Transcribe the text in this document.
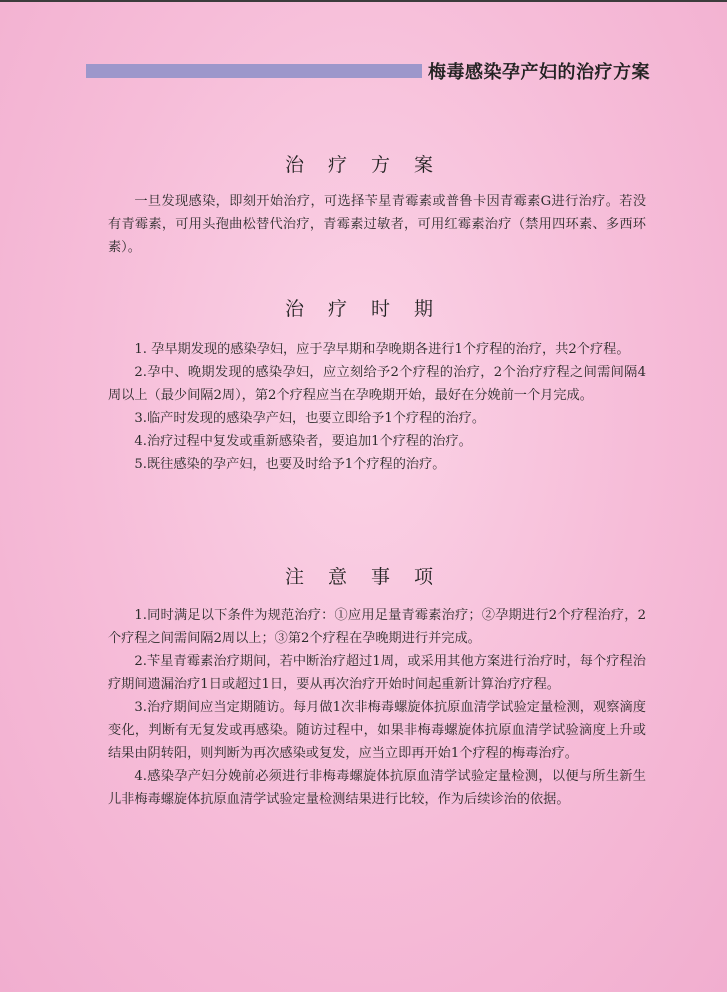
梅毒感染孕产妇的治疗方案
治 疗 方 案

一旦发现感染，即刻开始治疗，可选择苄星青霉素或普鲁卡因青霉素G进行治疗。若没有青霉素，可用头孢曲松替代治疗，青霉素过敏者，可用红霉素治疗（禁用四环素、多西环素）。

治 疗 时 期

1. 孕早期发现的感染孕妇，应于孕早期和孕晚期各进行1个疗程的治疗，共2个疗程。

2.孕中、晚期发现的感染孕妇，应立刻给予2个疗程的治疗，2个治疗疗程之间需间隔4周以上（最少间隔2周），第2个疗程应当在孕晚期开始，最好在分娩前一个月完成。

3.临产时发现的感染孕产妇，也要立即给予1个疗程的治疗。

4.治疗过程中复发或重新感染者，要追加1个疗程的治疗。

5.既往感染的孕产妇，也要及时给予1个疗程的治疗。

注 意 事 项

1.同时满足以下条件为规范治疗：①应用足量青霉素治疗；②孕期进行2个疗程治疗，2个疗程之间需间隔2周以上；③第2个疗程在孕晚期进行并完成。

2.苄星青霉素治疗期间，若中断治疗超过1周，或采用其他方案进行治疗时，每个疗程治疗期间遗漏治疗1日或超过1日，要从再次治疗开始时间起重新计算治疗疗程。

3.治疗期间应当定期随访。每月做1次非梅毒螺旋体抗原血清学试验定量检测，观察滴度变化，判断有无复发或再感染。随访过程中，如果非梅毒螺旋体抗原血清学试验滴度上升或结果由阴转阳，则判断为再次感染或复发，应当立即再开始1个疗程的梅毒治疗。

4.感染孕产妇分娩前必须进行非梅毒螺旋体抗原血清学试验定量检测，以便与所生新生儿非梅毒螺旋体抗原血清学试验定量检测结果进行比较，作为后续诊治的依据。
